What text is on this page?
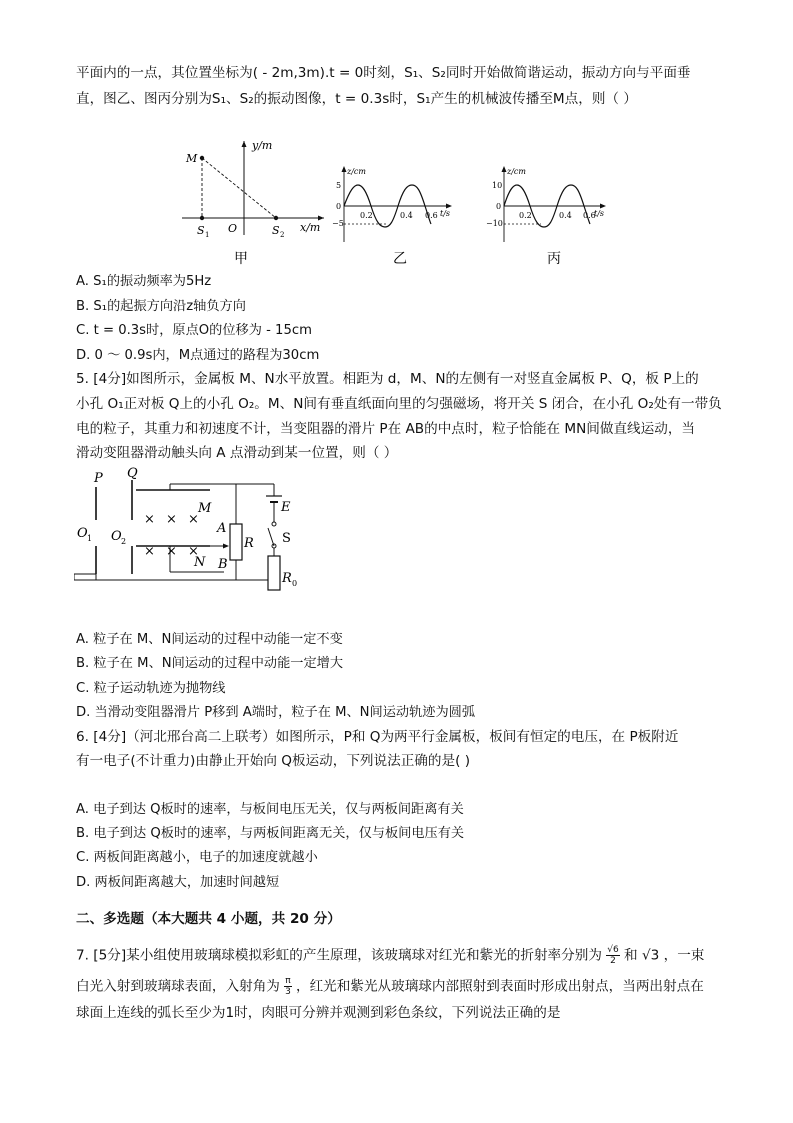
平面内的一点，其位置坐标为( - 2m,3m).t = 0时刻，S₁、S₂同时开始做简谐运动，振动方向与平面垂
直，图乙、图丙分别为S₁、S₂的振动图像，t = 0.3s时，S₁产生的机械波传播至M点，则（ ）
y/m
x/m
M
S 1 O	S 2
甲
z/cm
t/s
5
0
−5
0.2	0.4 0.6
乙
z/cm
t/s
10
0
−10
0.2	0.4 0.6
丙
A. S₁的振动频率为5Hz
B. S₁的起振方向沿z轴负方向
C. t = 0.3s时，原点O的位移为 - 15cm
D. 0 ～ 0.9s内，M点通过的路程为30cm
5. [4分]如图所示，金属板 M、N水平放置。相距为 d，M、N的左侧有一对竖直金属板 P、Q，板 P上的
小孔 O₁正对板 Q上的小孔 O₂。M、N间有垂直纸面向里的匀强磁场，将开关 S 闭合，在小孔 O₂处有一带负
电的粒子，其重力和初速度不计，当变阻器的滑片 P在 AB的中点时，粒子恰能在 MN间做直线运动，当
滑动变阻器滑动触头向 A 点滑动到某一位置，则（ ）
× × ×
× × ×
P Q
M
N
O 1 O 2
A
B
R
E
S
R 0
A. 粒子在 M、N间运动的过程中动能一定不变
B. 粒子在 M、N间运动的过程中动能一定增大
C. 粒子运动轨迹为抛物线
D. 当滑动变阻器滑片 P移到 A端时，粒子在 M、N间运动轨迹为圆弧
6. [4分]（河北邢台高二上联考）如图所示，P和 Q为两平行金属板，板间有恒定的电压，在 P板附近
有一电子(不计重力)由静止开始向 Q板运动，下列说法正确的是( )
A. 电子到达 Q板时的速率，与板间电压无关，仅与两板间距离有关
B. 电子到达 Q板时的速率，与两板间距离无关，仅与板间电压有关
C. 两板间距离越小，电子的加速度就越小
D. 两板间距离越大，加速时间越短
二、多选题（本大题共 4 小题，共 20 分）
7. [5分]某小组使用玻璃球模拟彩虹的产生原理，该玻璃球对红光和紫光的折射率分别为 $\frac{√6}{2}$ 和 √3 ，一束
白光入射到玻璃球表面，入射角为 $\frac{\pi}{3}$ ，红光和紫光从玻璃球内部照射到表面时形成出射点，当两出射点在
球面上连线的弧长至少为1时，肉眼可分辨并观测到彩色条纹，下列说法正确的是
